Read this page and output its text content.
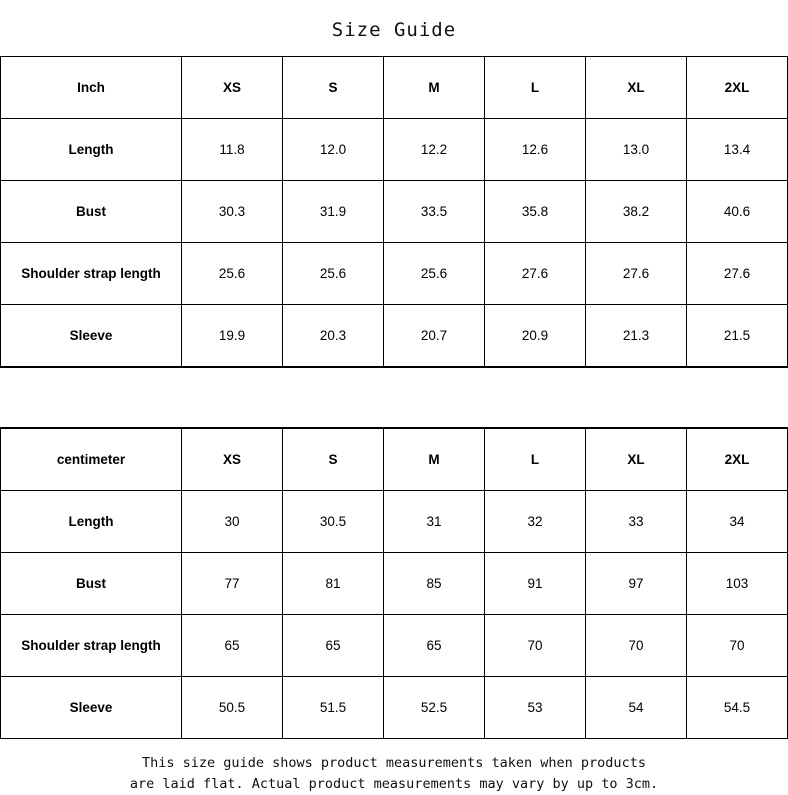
Size Guide
Inch	XS	S	M	L	XL	2XL
Length	11.8	12.0	12.2	12.6	13.0	13.4
Bust	30.3	31.9	33.5	35.8	38.2	40.6
Shoulder strap length	25.6	25.6	25.6	27.6	27.6	27.6
Sleeve	19.9	20.3	20.7	20.9	21.3	21.5
centimeter	XS	S	M	L	XL	2XL
Length	30	30.5	31	32	33	34
Bust	77	81	85	91	97	103
Shoulder strap length	65	65	65	70	70	70
Sleeve	50.5	51.5	52.5	53	54	54.5
This size guide shows product measurements taken when products
are laid flat. Actual product measurements may vary by up to 3cm.
